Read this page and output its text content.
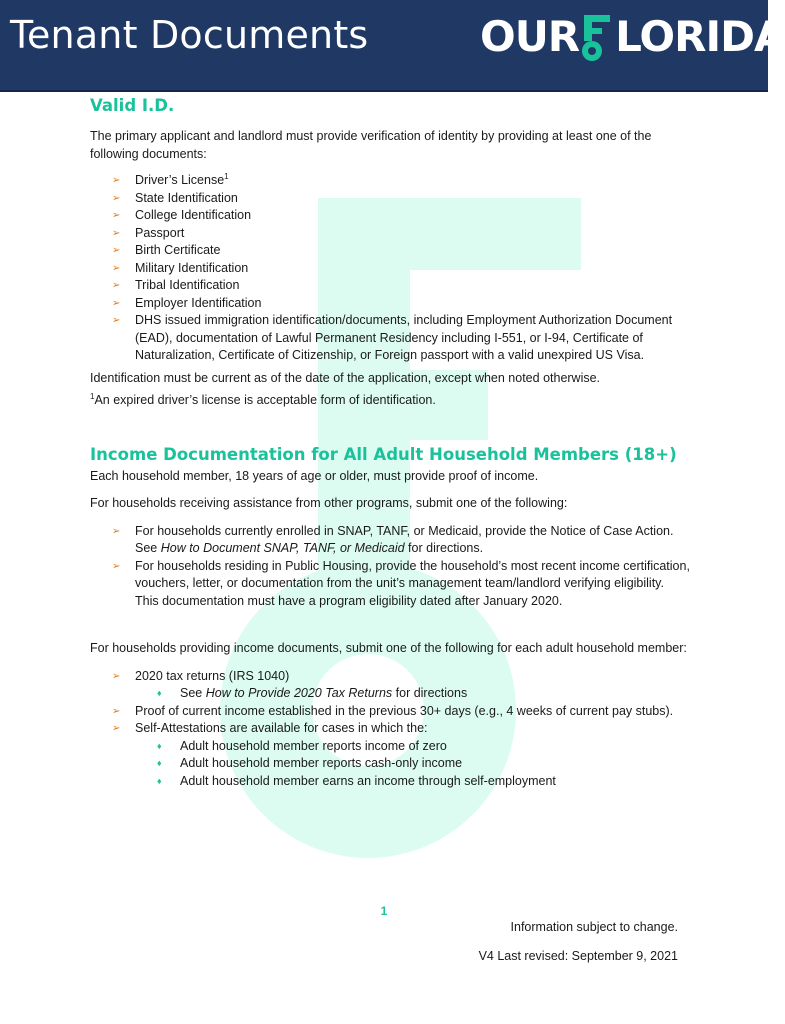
Tenant Documents	OUR LORIDA
Valid I.D.

The primary applicant and landlord must provide verification of identity by providing at least one of the following documents:

➢ Driver’s License$^1$
➢ State Identification
➢ College Identification
➢ Passport
➢ Birth Certificate
➢ Military Identification
➢ Tribal Identification
➢ Employer Identification
➢ DHS issued immigration identification/documents, including Employment Authorization Document (EAD), documentation of Lawful Permanent Residency including I-551, or I-94, Certificate of Naturalization, Certificate of Citizenship, or Foreign passport with a valid unexpired US Visa.

Identification must be current as of the date of the application, except when noted otherwise.

$^1$An expired driver’s license is acceptable form of identification.

Income Documentation for All Adult Household Members (18+)

Each household member, 18 years of age or older, must provide proof of income.

For households receiving assistance from other programs, submit one of the following:

➢ For households currently enrolled in SNAP, TANF, or Medicaid, provide the Notice of Case Action. See How to Document SNAP, TANF, or Medicaid for directions.
➢ For households residing in Public Housing, provide the household’s most recent income certification, vouchers, letter, or documentation from the unit’s management team/landlord verifying eligibility. This documentation must have a program eligibility dated after January 2020.

For households providing income documents, submit one of the following for each adult household member:

➢ 2020 tax returns (IRS 1040)
♦ See How to Provide 2020 Tax Returns for directions
➢ Proof of current income established in the previous 30+ days (e.g., 4 weeks of current pay stubs).
➢ Self-Attestations are available for cases in which the:
♦ Adult household member reports income of zero
♦ Adult household member reports cash-only income
♦ Adult household member earns an income through self-employment
1
Information subject to change.
V4 Last revised: September 9, 2021
